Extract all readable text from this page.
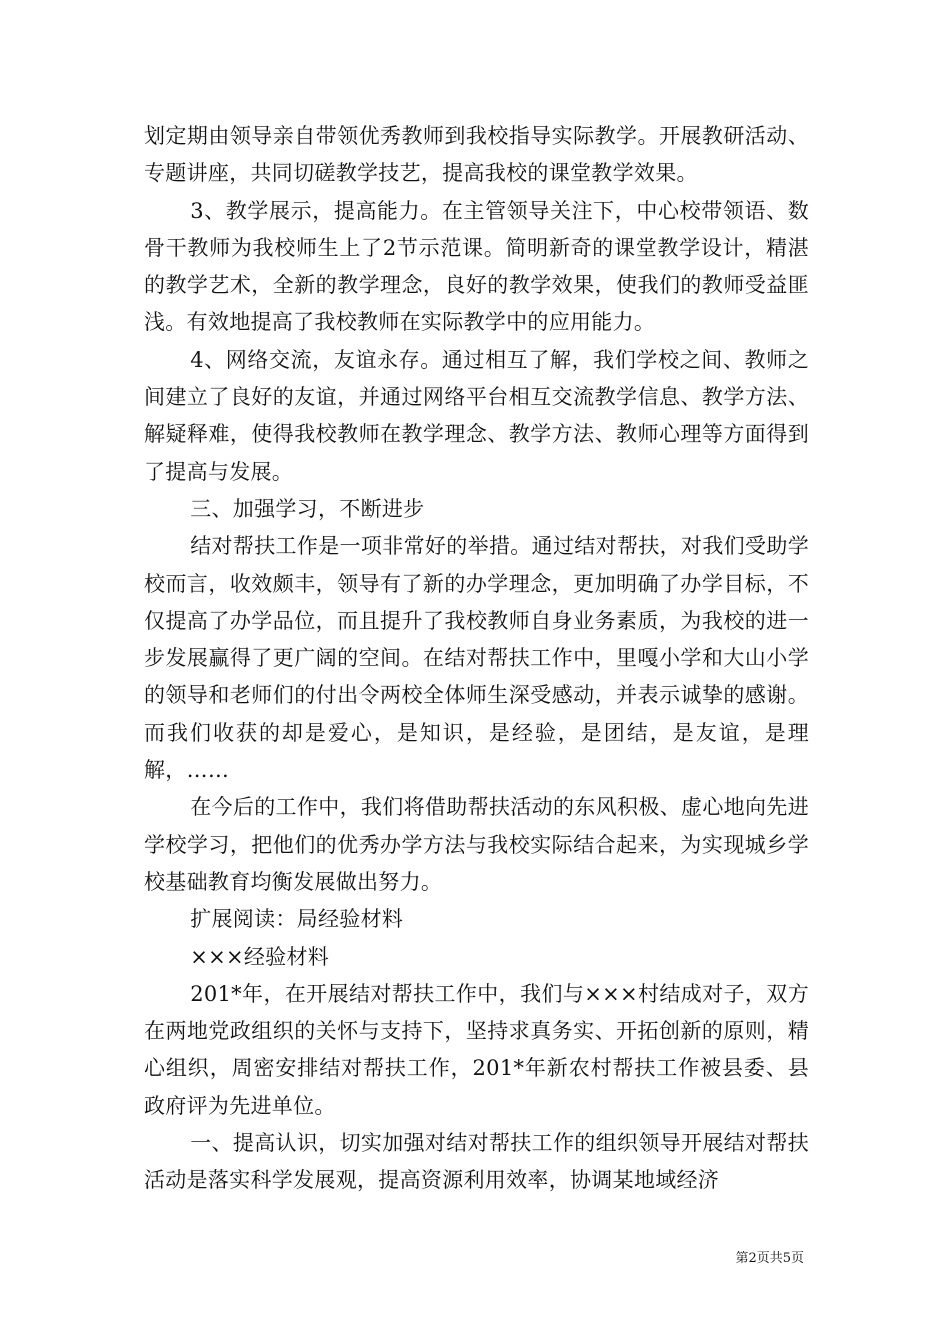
划定期由领导亲自带领优秀教师到我校指导实际教学。开展教研活动、专题讲座，共同切磋教学技艺，提高我校的课堂教学效果。

3、教学展示，提高能力。在主管领导关注下，中心校带领语、数骨干教师为我校师生上了2节示范课。简明新奇的课堂教学设计，精湛的教学艺术，全新的教学理念，良好的教学效果，使我们的教师受益匪浅。有效地提高了我校教师在实际教学中的应用能力。

4、网络交流，友谊永存。通过相互了解，我们学校之间、教师之间建立了良好的友谊，并通过网络平台相互交流教学信息、教学方法、解疑释难，使得我校教师在教学理念、教学方法、教师心理等方面得到了提高与发展。

三、加强学习，不断进步

结对帮扶工作是一项非常好的举措。通过结对帮扶，对我们受助学校而言，收效颇丰，领导有了新的办学理念，更加明确了办学目标，不仅提高了办学品位，而且提升了我校教师自身业务素质，为我校的进一步发展赢得了更广阔的空间。在结对帮扶工作中，里嘎小学和大山小学的领导和老师们的付出令两校全体师生深受感动，并表示诚挚的感谢。而我们收获的却是爱心，是知识，是经验，是团结，是友谊，是理解，……

在今后的工作中，我们将借助帮扶活动的东风积极、虚心地向先进学校学习，把他们的优秀办学方法与我校实际结合起来，为实现城乡学校基础教育均衡发展做出努力。

扩展阅读：局经验材料

×××经验材料

201*年，在开展结对帮扶工作中，我们与×××村结成对子，双方在两地党政组织的关怀与支持下，坚持求真务实、开拓创新的原则，精心组织，周密安排结对帮扶工作，201*年新农村帮扶工作被县委、县政府评为先进单位。

一、提高认识，切实加强对结对帮扶工作的组织领导开展结对帮扶活动是落实科学发展观，提高资源利用效率，协调某地域经济

第2页共5页
